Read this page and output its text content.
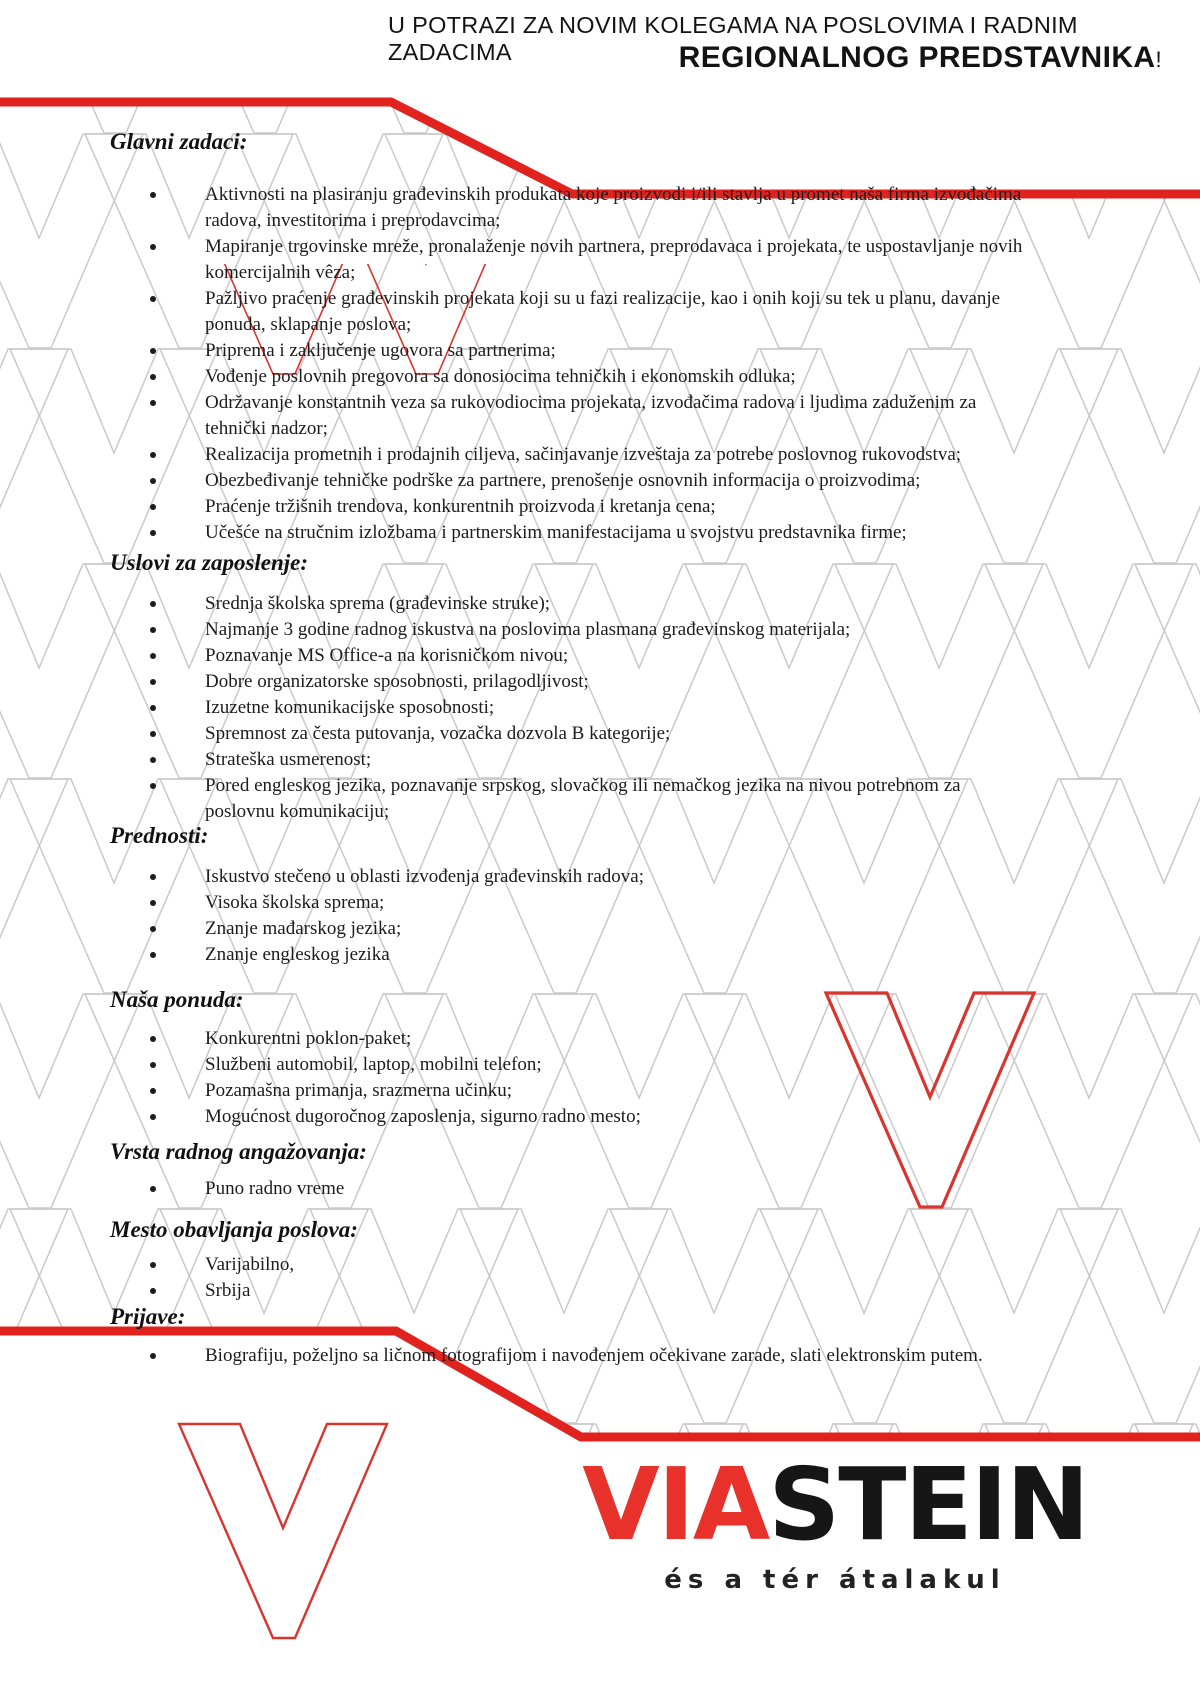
U POTRAZI ZA NOVIM KOLEGAMA NA POSLOVIMA I RADNIM ZADACIMA	REGIONALNOG PREDSTAVNIKA!
Glavni zadaci:
Aktivnosti na plasiranju građevinskih produkata koje proizvodi i/ili stavlja u promet naša firma izvođačima radova, investitorima i preprodavcima;
Mapiranje trgovinske mreže, pronalaženje novih partnera, preprodavaca i projekata, te uspostavljanje novih komercijalnih vêza;
Pažljivo praćenje građevinskih projekata koji su u fazi realizacije, kao i onih koji su tek u planu, davanje ponuda, sklapanje poslova;
Priprema i zaključenje ugovora sa partnerima;
Vođenje poslovnih pregovora sa donosiocima tehničkih i ekonomskih odluka;
Održavanje konstantnih veza sa rukovodiocima projekata, izvođačima radova i ljudima zaduženim za tehnički nadzor;
Realizacija prometnih i prodajnih ciljeva, sačinjavanje izveštaja za potrebe poslovnog rukovodstva;
Obezbeđivanje tehničke podrške za partnere, prenošenje osnovnih informacija o proizvodima;
Praćenje tržišnih trendova, konkurentnih proizvoda i kretanja cena;
Učešće na stručnim izložbama i partnerskim manifestacijama u svojstvu predstavnika firme;
Uslovi za zaposlenje:
Srednja školska sprema (građevinske struke);
Najmanje 3 godine radnog iskustva na poslovima plasmana građevinskog materijala;
Poznavanje MS Office-a na korisničkom nivou;
Dobre organizatorske sposobnosti, prilagodljivost;
Izuzetne komunikacijske sposobnosti;
Spremnost za česta putovanja, vozačka dozvola B kategorije;
Strateška usmerenost;
Pored engleskog jezika, poznavanje srpskog, slovačkog ili nemačkog jezika na nivou potrebnom za poslovnu komunikaciju;
Prednosti:
Iskustvo stečeno u oblasti izvođenja građevinskih radova;
Visoka školska sprema;
Znanje mađarskog jezika;
Znanje engleskog jezika
Naša ponuda:
Konkurentni poklon-paket;
Službeni automobil, laptop, mobilni telefon;
Pozamašna primanja, srazmerna učinku;
Mogućnost dugoročnog zaposlenja, sigurno radno mesto;
Vrsta radnog angažovanja:
Puno radno vreme
Mesto obavljanja poslova:
Varijabilno,
Srbija
Prijave:
Biografiju, poželjno sa ličnom fotografijom i navođenjem očekivane zarade, slati elektronskim putem.
VIASTEIN
és a tér átalakul
